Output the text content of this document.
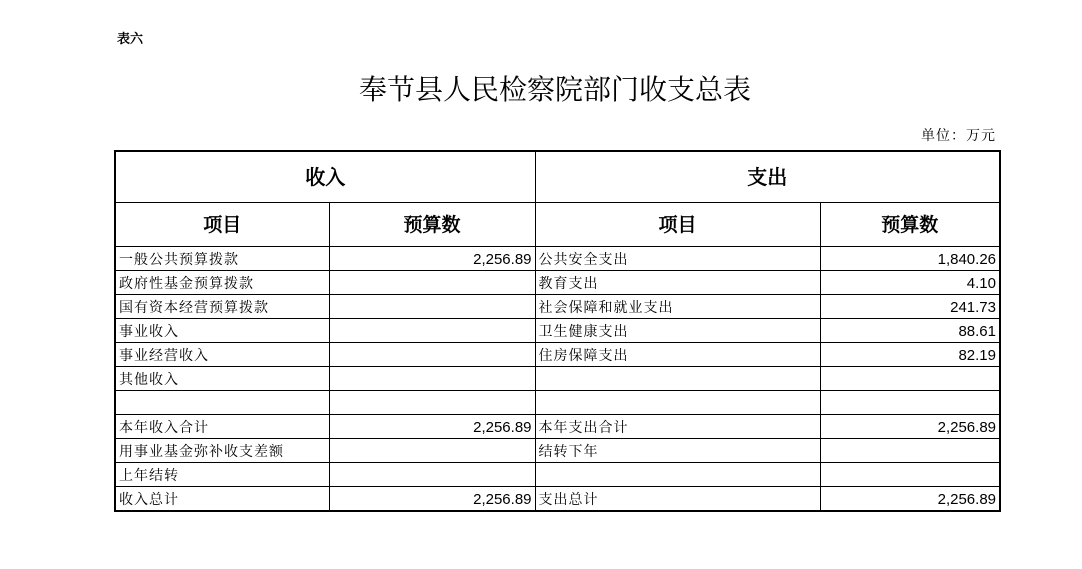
表六
奉节县人民检察院部门收支总表
单位：万元
收入		支出	
项目	预算数	项目	预算数
一般公共预算拨款	2,256.89	公共安全支出	1,840.26
政府性基金预算拨款		教育支出	4.10
国有资本经营预算拨款		社会保障和就业支出	241.73
事业收入		卫生健康支出	88.61
事业经营收入		住房保障支出	82.19
其他收入			

本年收入合计	2,256.89	本年支出合计	2,256.89
用事业基金弥补收支差额		结转下年	
上年结转			
收入总计	2,256.89	支出总计	2,256.89
